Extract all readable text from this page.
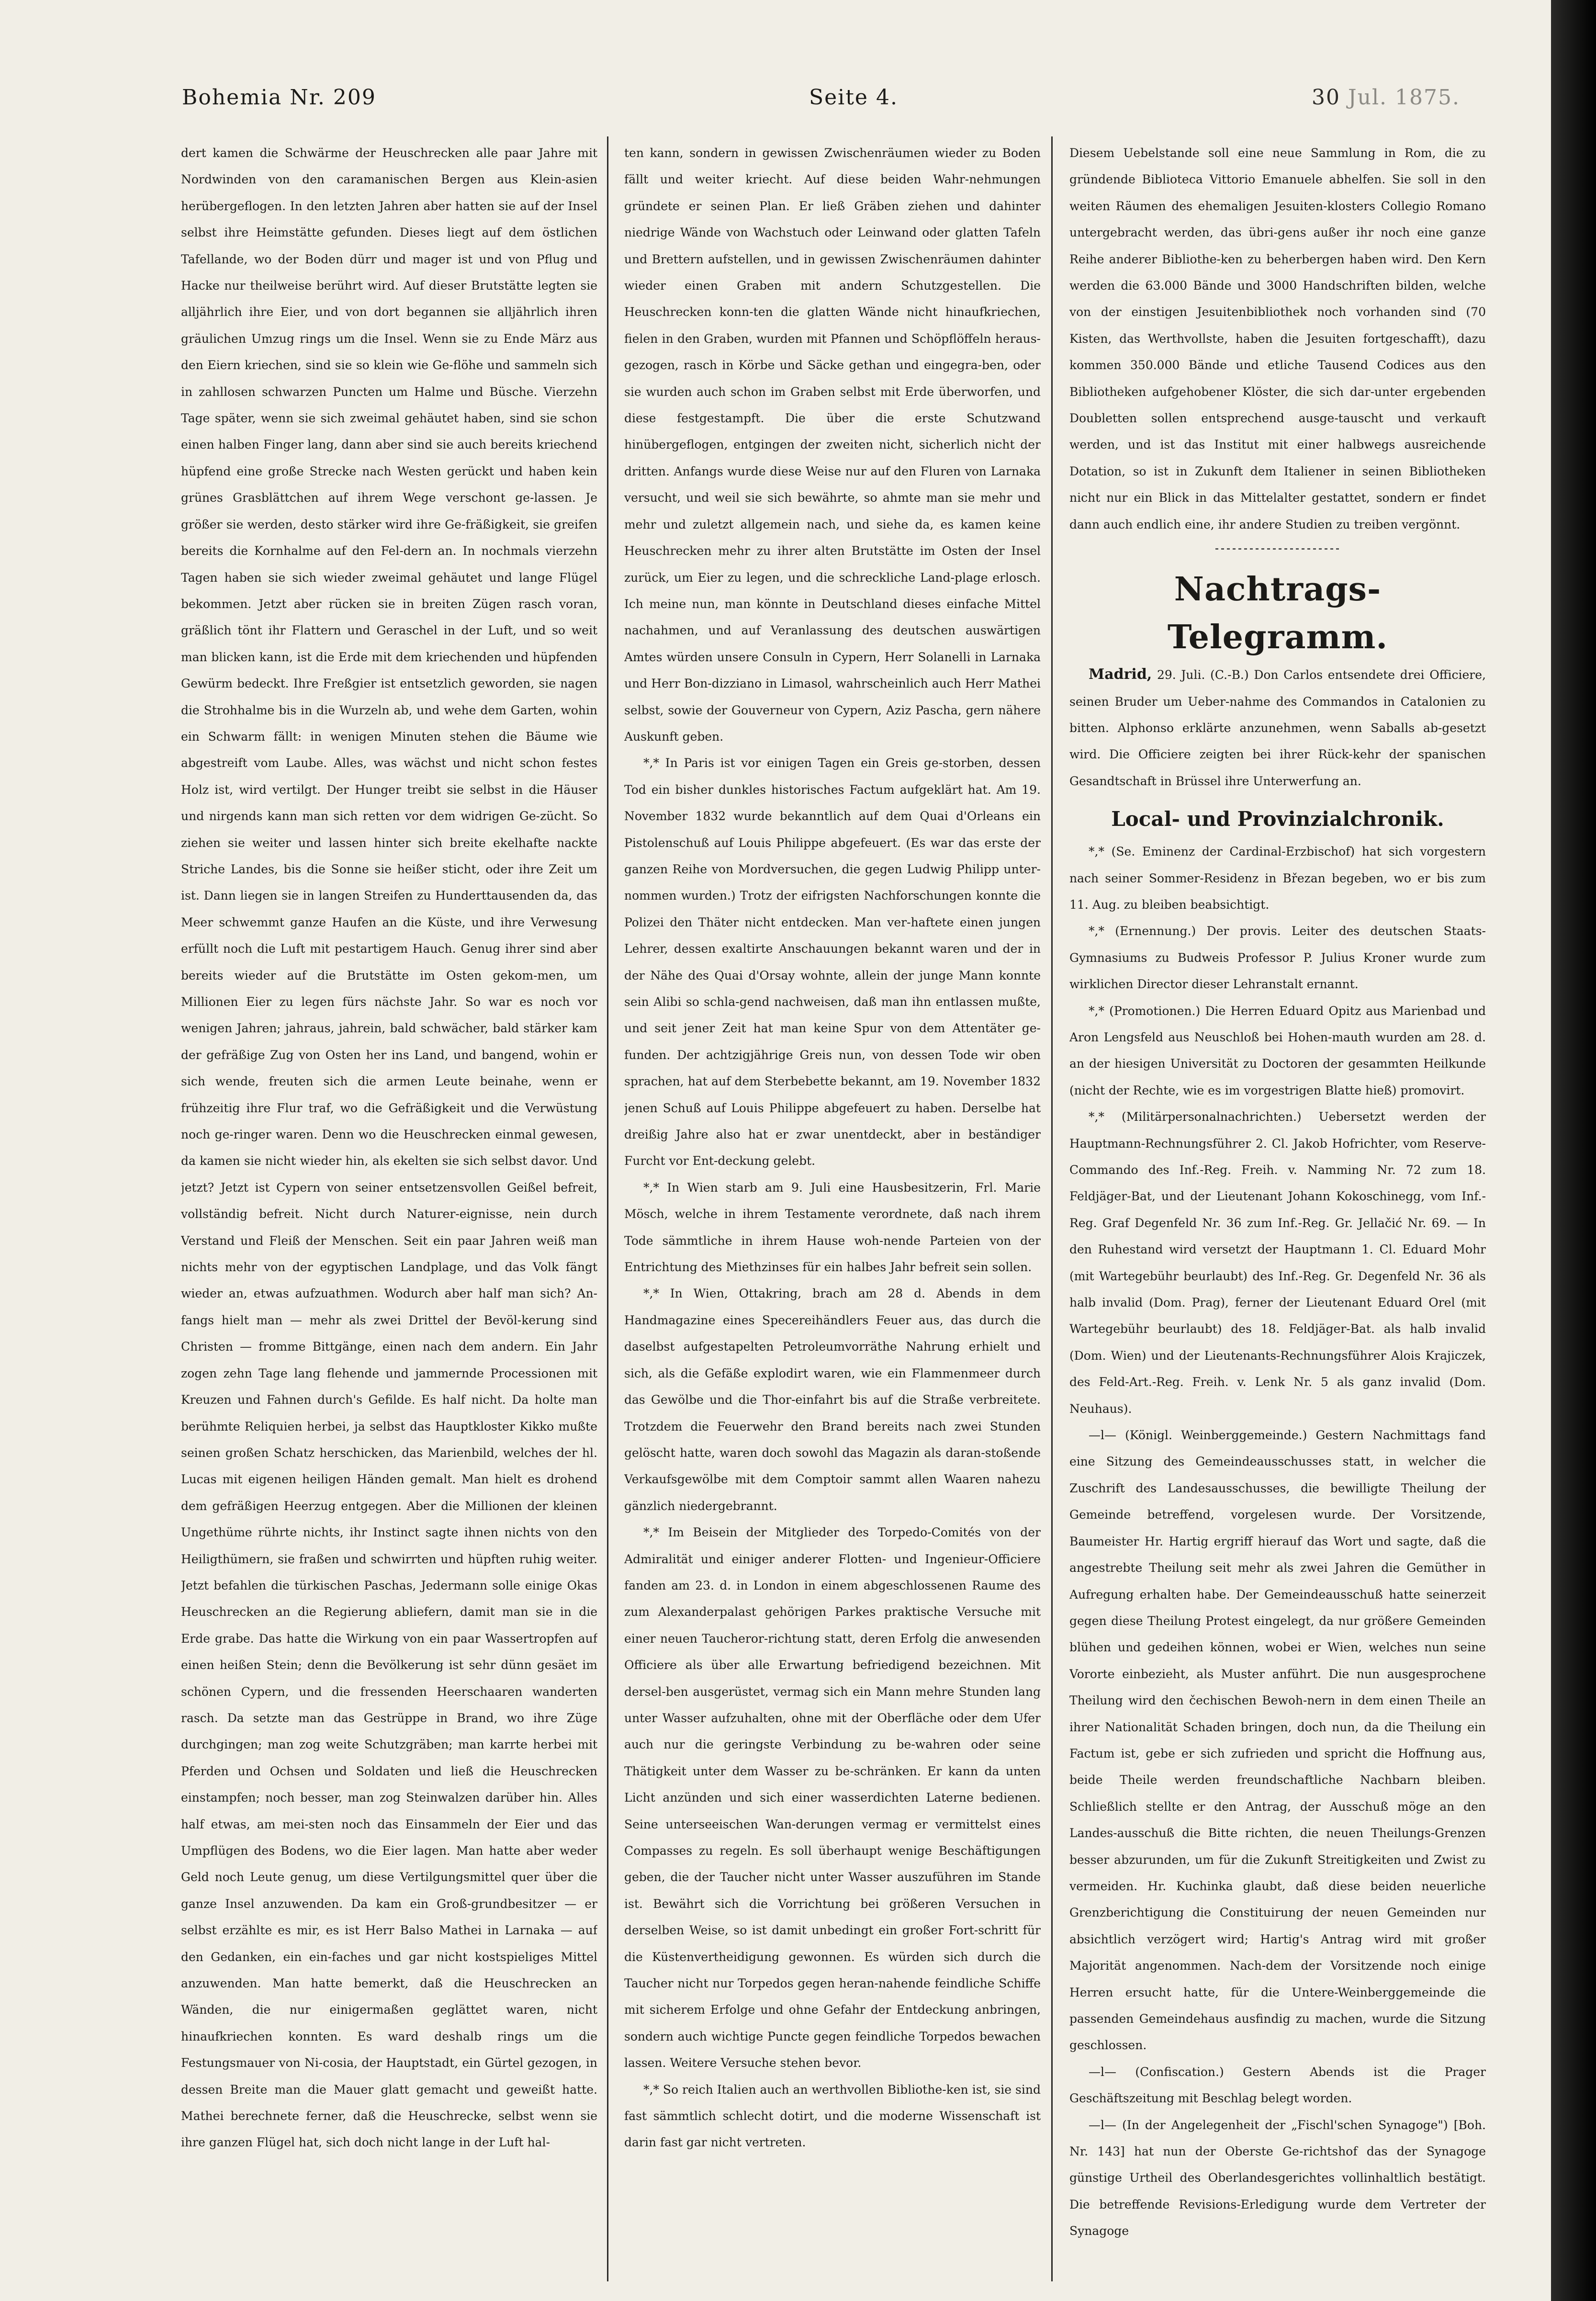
Bohemia Nr. 209	Seite 4.	30 Jul. 1875.

dert kamen die Schwärme der Heuschrecken alle paar Jahre mit Nordwinden von den caramanischen Bergen aus Klein-asien herübergeflogen. In den letzten Jahren aber hatten sie auf der Insel selbst ihre Heimstätte gefunden. Dieses liegt auf dem östlichen Tafellande, wo der Boden dürr und mager ist und von Pflug und Hacke nur theilweise berührt wird. Auf dieser Brutstätte legten sie alljährlich ihre Eier, und von dort begannen sie alljährlich ihren gräulichen Umzug rings um die Insel. Wenn sie zu Ende März aus den Eiern kriechen, sind sie so klein wie Ge-flöhe und sammeln sich in zahllosen schwarzen Puncten um Halme und Büsche. Vierzehn Tage später, wenn sie sich zweimal gehäutet haben, sind sie schon einen halben Finger lang, dann aber sind sie auch bereits kriechend hüpfend eine große Strecke nach Westen gerückt und haben kein grünes Grasblättchen auf ihrem Wege verschont ge-lassen. Je größer sie werden, desto stärker wird ihre Ge-fräßigkeit, sie greifen bereits die Kornhalme auf den Fel-dern an. In nochmals vierzehn Tagen haben sie sich wieder zweimal gehäutet und lange Flügel bekommen. Jetzt aber rücken sie in breiten Zügen rasch voran, gräßlich tönt ihr Flattern und Geraschel in der Luft, und so weit man blicken kann, ist die Erde mit dem kriechenden und hüpfenden Gewürm bedeckt. Ihre Freßgier ist entsetzlich geworden, sie nagen die Strohhalme bis in die Wurzeln ab, und wehe dem Garten, wohin ein Schwarm fällt: in wenigen Minuten stehen die Bäume wie abgestreift vom Laube. Alles, was wächst und nicht schon festes Holz ist, wird vertilgt. Der Hunger treibt sie selbst in die Häuser und nirgends kann man sich retten vor dem widrigen Ge-zücht. So ziehen sie weiter und lassen hinter sich breite ekelhafte nackte Striche Landes, bis die Sonne sie heißer sticht, oder ihre Zeit um ist. Dann liegen sie in langen Streifen zu Hunderttausenden da, das Meer schwemmt ganze Haufen an die Küste, und ihre Verwesung erfüllt noch die Luft mit pestartigem Hauch. Genug ihrer sind aber bereits wieder auf die Brutstätte im Osten gekom-men, um Millionen Eier zu legen fürs nächste Jahr. So war es noch vor wenigen Jahren; jahraus, jahrein, bald schwächer, bald stärker kam der gefräßige Zug von Osten her ins Land, und bangend, wohin er sich wende, freuten sich die armen Leute beinahe, wenn er frühzeitig ihre Flur traf, wo die Gefräßigkeit und die Verwüstung noch ge-ringer waren. Denn wo die Heuschrecken einmal gewesen, da kamen sie nicht wieder hin, als ekelten sie sich selbst davor. Und jetzt? Jetzt ist Cypern von seiner entsetzensvollen Geißel befreit, vollständig befreit. Nicht durch Naturer-eignisse, nein durch Verstand und Fleiß der Menschen. Seit ein paar Jahren weiß man nichts mehr von der egyptischen Landplage, und das Volk fängt wieder an, etwas aufzuathmen. Wodurch aber half man sich? An-fangs hielt man — mehr als zwei Drittel der Bevöl-kerung sind Christen — fromme Bittgänge, einen nach dem andern. Ein Jahr zogen zehn Tage lang flehende und jammernde Processionen mit Kreuzen und Fahnen durch's Gefilde. Es half nicht. Da holte man berühmte Reliquien herbei, ja selbst das Hauptkloster Kikko mußte seinen großen Schatz herschicken, das Marienbild, welches der hl. Lucas mit eigenen heiligen Händen gemalt. Man hielt es drohend dem gefräßigen Heerzug entgegen. Aber die Millionen der kleinen Ungethüme rührte nichts, ihr Instinct sagte ihnen nichts von den Heiligthümern, sie fraßen und schwirrten und hüpften ruhig weiter. Jetzt befahlen die türkischen Paschas, Jedermann solle einige Okas Heuschrecken an die Regierung abliefern, damit man sie in die Erde grabe. Das hatte die Wirkung von ein paar Wassertropfen auf einen heißen Stein; denn die Bevölkerung ist sehr dünn gesäet im schönen Cypern, und die fressenden Heerschaaren wanderten rasch. Da setzte man das Gestrüppe in Brand, wo ihre Züge durchgingen; man zog weite Schutzgräben; man karrte herbei mit Pferden und Ochsen und Soldaten und ließ die Heuschrecken einstampfen; noch besser, man zog Steinwalzen darüber hin. Alles half etwas, am mei-sten noch das Einsammeln der Eier und das Umpflügen des Bodens, wo die Eier lagen. Man hatte aber weder Geld noch Leute genug, um diese Vertilgungsmittel quer über die ganze Insel anzuwenden. Da kam ein Groß-grundbesitzer — er selbst erzählte es mir, es ist Herr Balso Mathei in Larnaka — auf den Gedanken, ein ein-faches und gar nicht kostspieliges Mittel anzuwenden. Man hatte bemerkt, daß die Heuschrecken an Wänden, die nur einigermaßen geglättet waren, nicht hinaufkriechen konnten. Es ward deshalb rings um die Festungsmauer von Ni-cosia, der Hauptstadt, ein Gürtel gezogen, in dessen Breite man die Mauer glatt gemacht und geweißt hatte. Mathei berechnete ferner, daß die Heuschrecke, selbst wenn sie ihre ganzen Flügel hat, sich doch nicht lange in der Luft hal-

ten kann, sondern in gewissen Zwischenräumen wieder zu Boden fällt und weiter kriecht. Auf diese beiden Wahr-nehmungen gründete er seinen Plan. Er ließ Gräben ziehen und dahinter niedrige Wände von Wachstuch oder Leinwand oder glatten Tafeln und Brettern aufstellen, und in gewissen Zwischenräumen dahinter wieder einen Graben mit andern Schutzgestellen. Die Heuschrecken konn-ten die glatten Wände nicht hinaufkriechen, fielen in den Graben, wurden mit Pfannen und Schöpflöffeln heraus-gezogen, rasch in Körbe und Säcke gethan und eingegra-ben, oder sie wurden auch schon im Graben selbst mit Erde überworfen, und diese festgestampft. Die über die erste Schutzwand hinübergeflogen, entgingen der zweiten nicht, sicherlich nicht der dritten. Anfangs wurde diese Weise nur auf den Fluren von Larnaka versucht, und weil sie sich bewährte, so ahmte man sie mehr und mehr und zuletzt allgemein nach, und siehe da, es kamen keine Heuschrecken mehr zu ihrer alten Brutstätte im Osten der Insel zurück, um Eier zu legen, und die schreckliche Land-plage erlosch. Ich meine nun, man könnte in Deutschland dieses einfache Mittel nachahmen, und auf Veranlassung des deutschen auswärtigen Amtes würden unsere Consuln in Cypern, Herr Solanelli in Larnaka und Herr Bon-dizziano in Limasol, wahrscheinlich auch Herr Mathei selbst, sowie der Gouverneur von Cypern, Aziz Pascha, gern nähere Auskunft geben.

*,* In Paris ist vor einigen Tagen ein Greis ge-storben, dessen Tod ein bisher dunkles historisches Factum aufgeklärt hat. Am 19. November 1832 wurde bekanntlich auf dem Quai d'Orleans ein Pistolenschuß auf Louis Philippe abgefeuert. (Es war das erste der ganzen Reihe von Mordversuchen, die gegen Ludwig Philipp unter-nommen wurden.) Trotz der eifrigsten Nachforschungen konnte die Polizei den Thäter nicht entdecken. Man ver-haftete einen jungen Lehrer, dessen exaltirte Anschauungen bekannt waren und der in der Nähe des Quai d'Orsay wohnte, allein der junge Mann konnte sein Alibi so schla-gend nachweisen, daß man ihn entlassen mußte, und seit jener Zeit hat man keine Spur von dem Attentäter ge-funden. Der achtzigjährige Greis nun, von dessen Tode wir oben sprachen, hat auf dem Sterbebette bekannt, am 19. November 1832 jenen Schuß auf Louis Philippe abgefeuert zu haben. Derselbe hat dreißig Jahre also hat er zwar unentdeckt, aber in beständiger Furcht vor Ent-deckung gelebt.

*,* In Wien starb am 9. Juli eine Hausbesitzerin, Frl. Marie Mösch, welche in ihrem Testamente verordnete, daß nach ihrem Tode sämmtliche in ihrem Hause woh-nende Parteien von der Entrichtung des Miethzinses für ein halbes Jahr befreit sein sollen.

*,* In Wien, Ottakring, brach am 28 d. Abends in dem Handmagazine eines Specereihändlers Feuer aus, das durch die daselbst aufgestapelten Petroleumvorräthe Nahrung erhielt und sich, als die Gefäße explodirt waren, wie ein Flammenmeer durch das Gewölbe und die Thor-einfahrt bis auf die Straße verbreitete. Trotzdem die Feuerwehr den Brand bereits nach zwei Stunden gelöscht hatte, waren doch sowohl das Magazin als daran-stoßende Verkaufsgewölbe mit dem Comptoir sammt allen Waaren nahezu gänzlich niedergebrannt.

*,* Im Beisein der Mitglieder des Torpedo-Comités von der Admiralität und einiger anderer Flotten- und Ingenieur-Officiere fanden am 23. d. in London in einem abgeschlossenen Raume des zum Alexanderpalast gehörigen Parkes praktische Versuche mit einer neuen Taucheror-richtung statt, deren Erfolg die anwesenden Officiere als über alle Erwartung befriedigend bezeichnen. Mit dersel-ben ausgerüstet, vermag sich ein Mann mehre Stunden lang unter Wasser aufzuhalten, ohne mit der Oberfläche oder dem Ufer auch nur die geringste Verbindung zu be-wahren oder seine Thätigkeit unter dem Wasser zu be-schränken. Er kann da unten Licht anzünden und sich einer wasserdichten Laterne bedienen. Seine unterseeischen Wan-derungen vermag er vermittelst eines Compasses zu regeln. Es soll überhaupt wenige Beschäftigungen geben, die der Taucher nicht unter Wasser auszuführen im Stande ist. Bewährt sich die Vorrichtung bei größeren Versuchen in derselben Weise, so ist damit unbedingt ein großer Fort-schritt für die Küstenvertheidigung gewonnen. Es würden sich durch die Taucher nicht nur Torpedos gegen heran-nahende feindliche Schiffe mit sicherem Erfolge und ohne Gefahr der Entdeckung anbringen, sondern auch wichtige Puncte gegen feindliche Torpedos bewachen lassen. Weitere Versuche stehen bevor.

*,* So reich Italien auch an werthvollen Bibliothe-ken ist, sie sind fast sämmtlich schlecht dotirt, und die moderne Wissenschaft ist darin fast gar nicht vertreten.

Diesem Uebelstande soll eine neue Sammlung in Rom, die zu gründende Biblioteca Vittorio Emanuele abhelfen. Sie soll in den weiten Räumen des ehemaligen Jesuiten-klosters Collegio Romano untergebracht werden, das übri-gens außer ihr noch eine ganze Reihe anderer Bibliothe-ken zu beherbergen haben wird. Den Kern werden die 63.000 Bände und 3000 Handschriften bilden, welche von der einstigen Jesuitenbibliothek noch vorhanden sind (70 Kisten, das Werthvollste, haben die Jesuiten fortgeschafft), dazu kommen 350.000 Bände und etliche Tausend Codices aus den Bibliotheken aufgehobener Klöster, die sich dar-unter ergebenden Doubletten sollen entsprechend ausge-tauscht und verkauft werden, und ist das Institut mit einer halbwegs ausreichende Dotation, so ist in Zukunft dem Italiener in seinen Bibliotheken nicht nur ein Blick in das Mittelalter gestattet, sondern er findet dann auch endlich eine, ihr andere Studien zu treiben vergönnt.

Nachtrags-Telegramm.

Madrid, 29. Juli. (C.-B.) Don Carlos entsendete drei Officiere, seinen Bruder um Ueber-nahme des Commandos in Catalonien zu bitten. Alphonso erklärte anzunehmen, wenn Saballs ab-gesetzt wird. Die Officiere zeigten bei ihrer Rück-kehr der spanischen Gesandtschaft in Brüssel ihre Unterwerfung an.

Local- und Provinzialchronik.

*,* (Se. Eminenz der Cardinal-Erzbischof) hat sich vorgestern nach seiner Sommer-Residenz in Březan begeben, wo er bis zum 11. Aug. zu bleiben beabsichtigt.

*,* (Ernennung.) Der provis. Leiter des deutschen Staats-Gymnasiums zu Budweis Professor P. Julius Kroner wurde zum wirklichen Director dieser Lehranstalt ernannt.

*,* (Promotionen.) Die Herren Eduard Opitz aus Marienbad und Aron Lengsfeld aus Neuschloß bei Hohen-mauth wurden am 28. d. an der hiesigen Universität zu Doctoren der gesammten Heilkunde (nicht der Rechte, wie es im vorgestrigen Blatte hieß) promovirt.

*,* (Militärpersonalnachrichten.) Uebersetzt werden der Hauptmann-Rechnungsführer 2. Cl. Jakob Hofrichter, vom Reserve-Commando des Inf.-Reg. Freih. v. Namming Nr. 72 zum 18. Feldjäger-Bat, und der Lieutenant Johann Kokoschinegg, vom Inf.-Reg. Graf Degenfeld Nr. 36 zum Inf.-Reg. Gr. Jellačić Nr. 69. — In den Ruhestand wird versetzt der Hauptmann 1. Cl. Eduard Mohr (mit Wartegebühr beurlaubt) des Inf.-Reg. Gr. Degenfeld Nr. 36 als halb invalid (Dom. Prag), ferner der Lieutenant Eduard Orel (mit Wartegebühr beurlaubt) des 18. Feldjäger-Bat. als halb invalid (Dom. Wien) und der Lieutenants-Rechnungsführer Alois Krajiczek, des Feld-Art.-Reg. Freih. v. Lenk Nr. 5 als ganz invalid (Dom. Neuhaus).

—l— (Königl. Weinberggemeinde.) Gestern Nachmittags fand eine Sitzung des Gemeindeausschusses statt, in welcher die Zuschrift des Landesausschusses, die bewilligte Theilung der Gemeinde betreffend, vorgelesen wurde. Der Vorsitzende, Baumeister Hr. Hartig ergriff hierauf das Wort und sagte, daß die angestrebte Theilung seit mehr als zwei Jahren die Gemüther in Aufregung erhalten habe. Der Gemeindeausschuß hatte seinerzeit gegen diese Theilung Protest eingelegt, da nur größere Gemeinden blühen und gedeihen können, wobei er Wien, welches nun seine Vororte einbezieht, als Muster anführt. Die nun ausgesprochene Theilung wird den čechischen Bewoh-nern in dem einen Theile an ihrer Nationalität Schaden bringen, doch nun, da die Theilung ein Factum ist, gebe er sich zufrieden und spricht die Hoffnung aus, beide Theile werden freundschaftliche Nachbarn bleiben. Schließlich stellte er den Antrag, der Ausschuß möge an den Landes-ausschuß die Bitte richten, die neuen Theilungs-Grenzen besser abzurunden, um für die Zukunft Streitigkeiten und Zwist zu vermeiden. Hr. Kuchinka glaubt, daß diese beiden neuerliche Grenzberichtigung die Constituirung der neuen Gemeinden nur absichtlich verzögert wird; Hartig's Antrag wird mit großer Majorität angenommen. Nach-dem der Vorsitzende noch einige Herren ersucht hatte, für die Untere-Weinberggemeinde die passenden Gemeindehaus ausfindig zu machen, wurde die Sitzung geschlossen.

—l— (Confiscation.) Gestern Abends ist die Prager Geschäftszeitung mit Beschlag belegt worden.

—l— (In der Angelegenheit der „Fischl'schen Synagoge") [Boh. Nr. 143] hat nun der Oberste Ge-richtshof das der Synagoge günstige Urtheil des Oberlandesgerichtes vollinhaltlich bestätigt. Die betreffende Revisions-Erledigung wurde dem Vertreter der Synagoge
